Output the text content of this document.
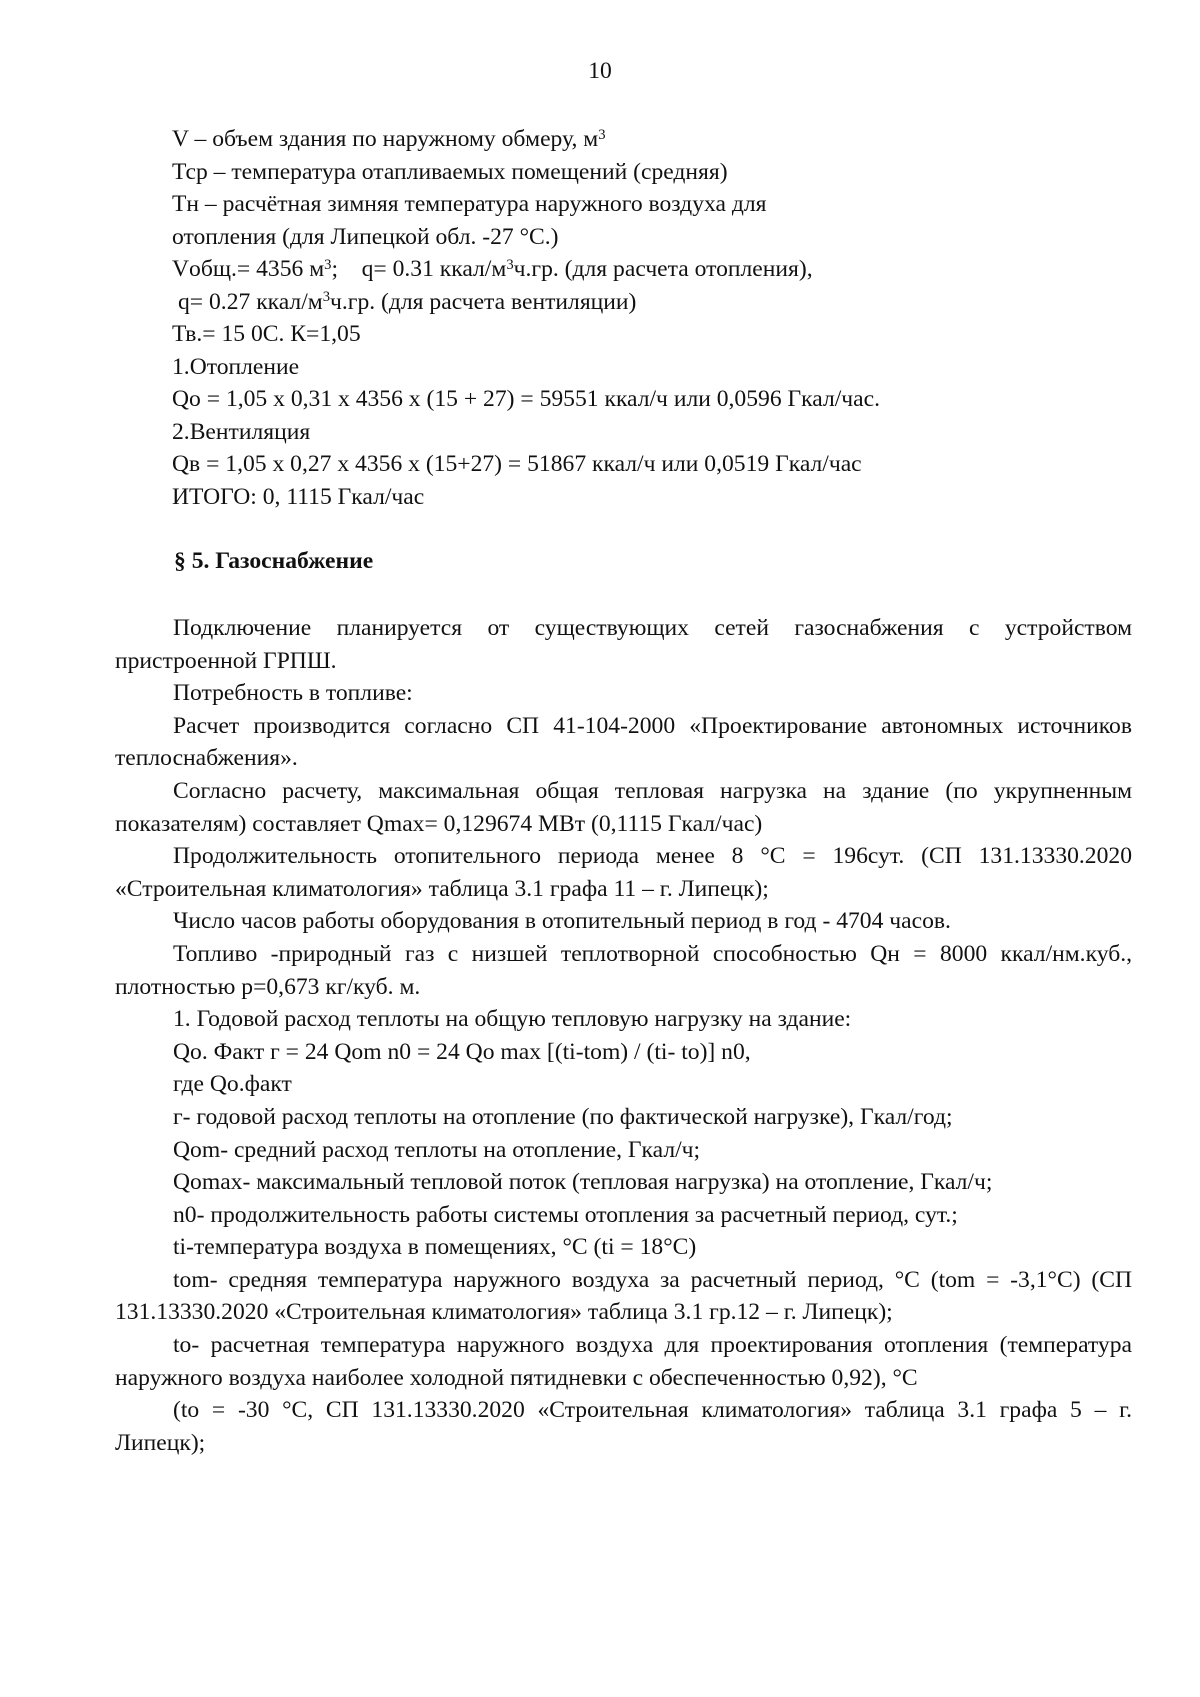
10
V – объем здания по наружному обмеру, $м^3$
Тср – температура отапливаемых помещений (средняя)
Тн – расчётная зимняя температура наружного воздуха для
отопления (для Липецкой обл. -27 °С.)
Vобщ.= 4356 $м^3$;    q= 0.31 ккал/$м^3ч.гр$. (для расчета отопления),
q= 0.27 ккал/$м^3ч.гр$. (для расчета вентиляции)
Тв.= 15 0С. К=1,05
1.Отопление
Qo = 1,05 x 0,31 x 4356 x (15 + 27) = 59551 ккал/ч или 0,0596 Гкал/час.
2.Вентиляция
Qв = 1,05 x 0,27 x 4356 x (15+27) = 51867 ккал/ч или 0,0519 Гкал/час
ИТОГО: 0, 1115 Гкал/час
§ 5. Газоснабжение

Подключение планируется от существующих сетей газоснабжения с устройством пристроенной ГРПШ.

Потребность в топливе:

Расчет производится согласно СП 41-104-2000 «Проектирование автономных источников теплоснабжения».

Согласно расчету, максимальная общая тепловая нагрузка на здание (по укрупненным показателям) составляет Qmax= 0,129674 МВт (0,1115 Гкал/час)

Продолжительность отопительного периода менее 8 °С = 196сут. (СП 131.13330.2020 «Строительная климатология» таблица 3.1 графа 11 – г. Липецк);

Число часов работы оборудования в отопительный период в год - 4704 часов.

Топливо -природный газ с низшей теплотворной способностью Qн = 8000 ккал/нм.куб., плотностью р=0,673 кг/куб. м.

1. Годовой расход теплоты на общую тепловую нагрузку на здание:

Qo. Факт г = 24 Qom n0 = 24 Qo max [(ti-tom) / (ti- to)] n0,

где Qo.факт

г- годовой расход теплоты на отопление (по фактической нагрузке), Гкал/год;

Qom- средний расход теплоты на отопление, Гкал/ч;

Qomax- максимальный тепловой поток (тепловая нагрузка) на отопление, Гкал/ч;

n0- продолжительность работы системы отопления за расчетный период, сут.;

ti-температура воздуха в помещениях, °С (ti = 18°С)

tom- средняя температура наружного воздуха за расчетный период, °С (tom = -3,1°С) (СП 131.13330.2020 «Строительная климатология» таблица 3.1 гр.12 – г. Липецк);

to- расчетная температура наружного воздуха для проектирования отопления (температура наружного воздуха наиболее холодной пятидневки с обеспеченностью 0,92), °С

(to = -30 °С, СП 131.13330.2020 «Строительная климатология» таблица 3.1 графа 5 – г. Липецк);
